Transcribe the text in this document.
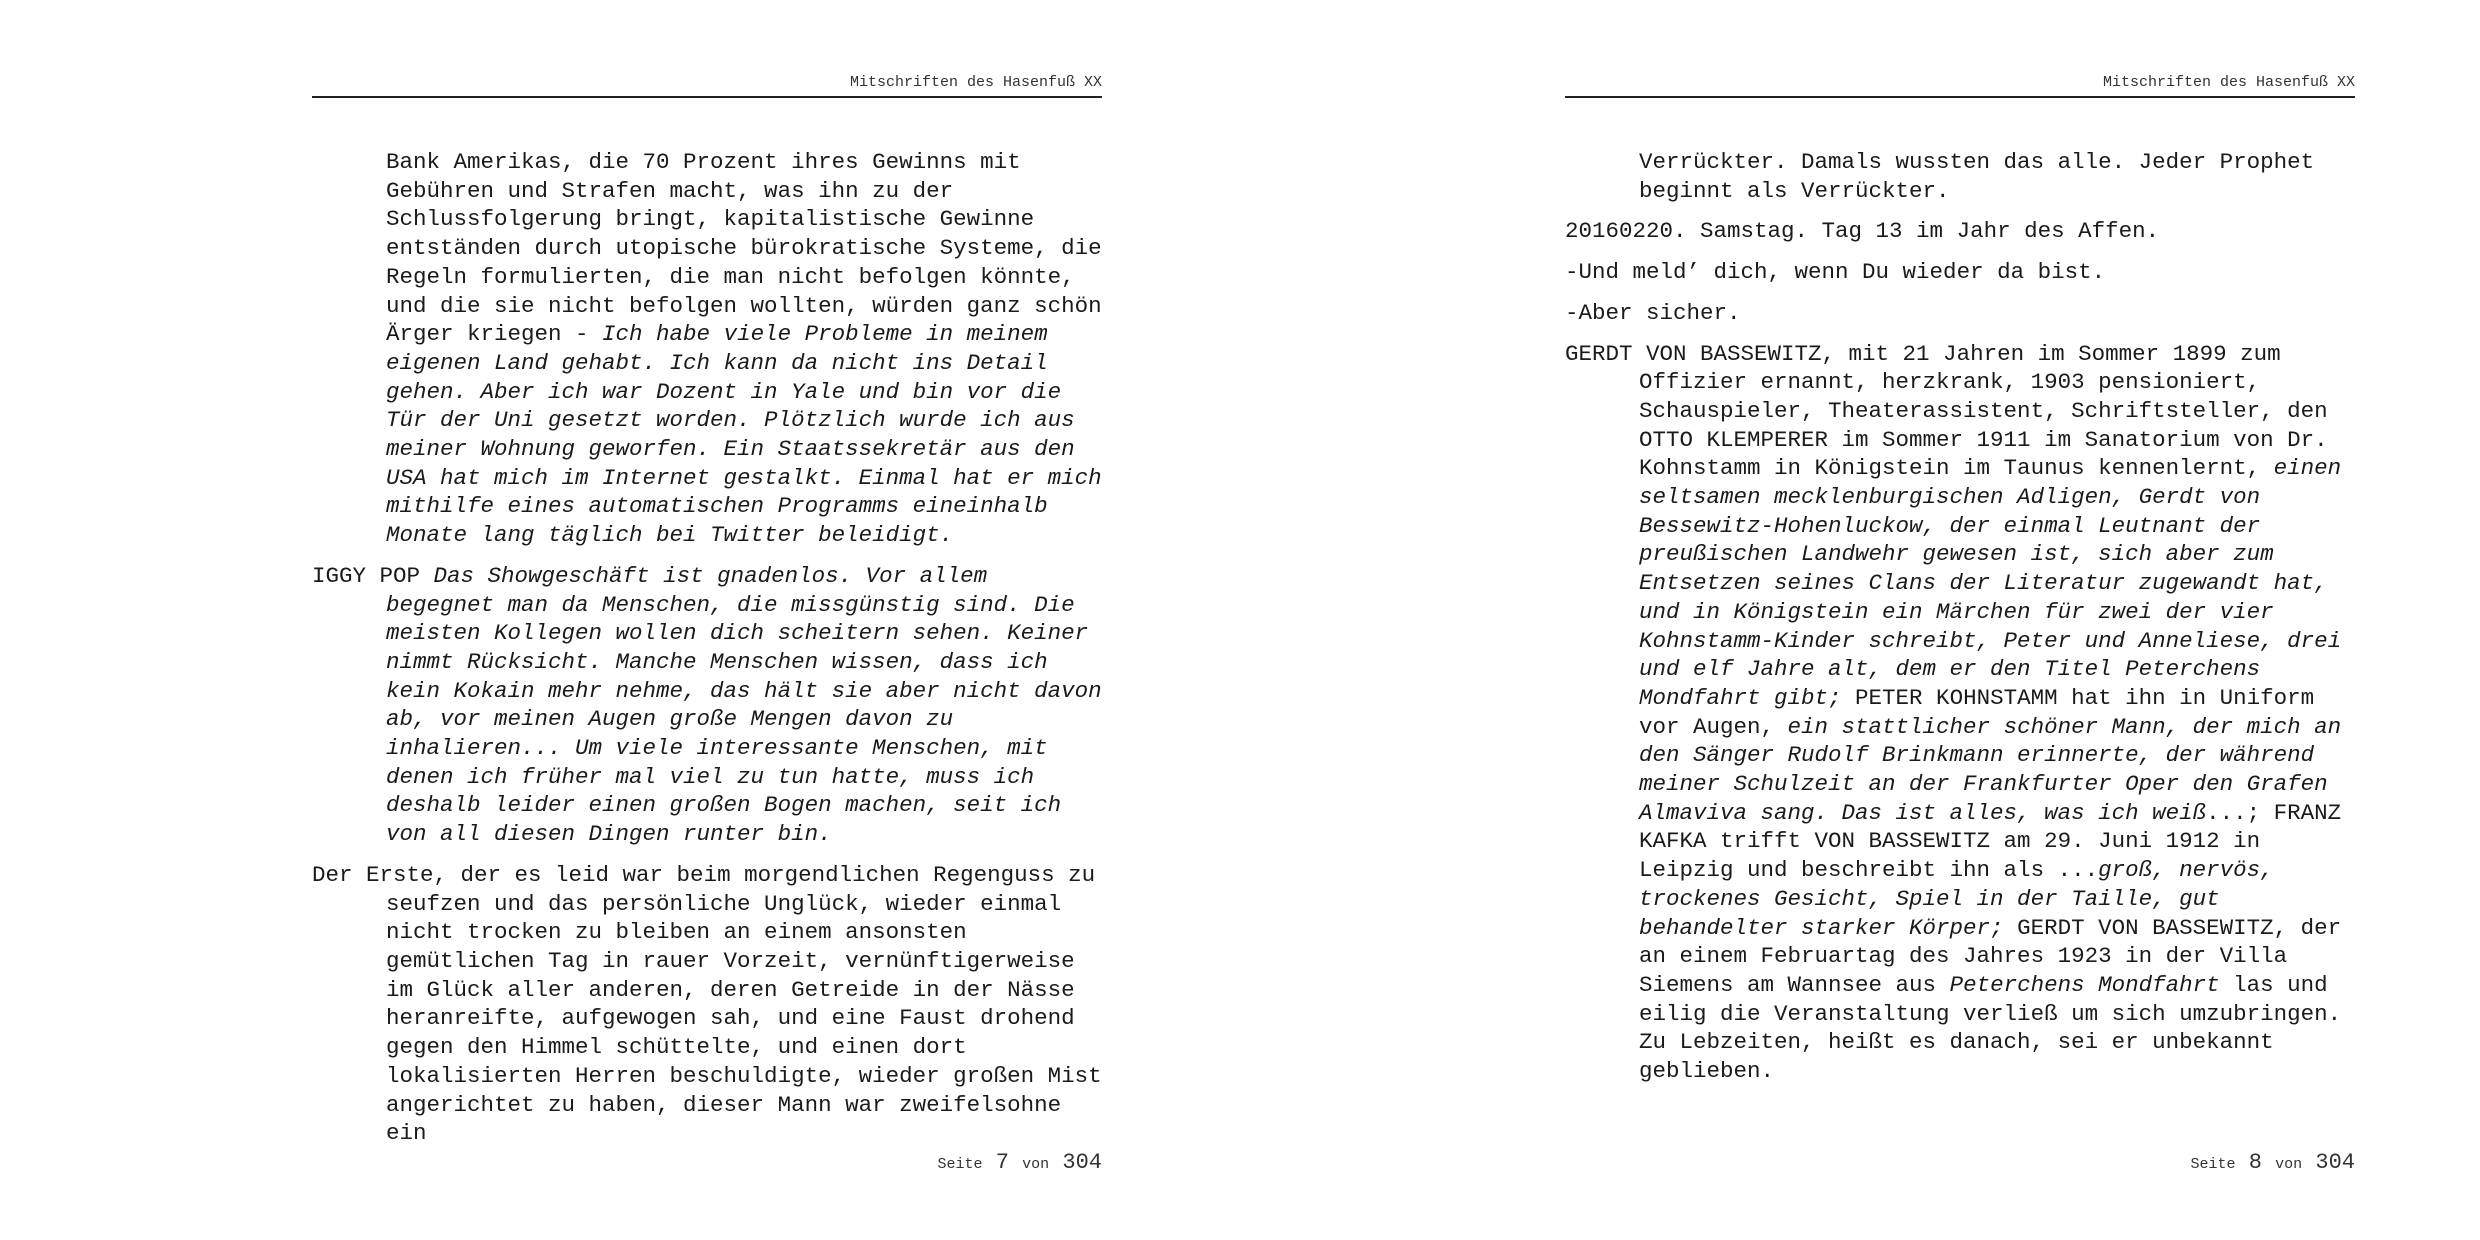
Mitschriften des Hasenfuß XX

Bank Amerikas, die 70 Prozent ihres Gewinns mit Gebühren und Strafen macht, was ihn zu der Schlussfolgerung bringt, kapitalistische Gewinne entständen durch utopische bürokratische Systeme, die Regeln formulierten, die man nicht befolgen könnte, und die sie nicht befolgen wollten, würden ganz schön Ärger kriegen - Ich habe viele Probleme in meinem eigenen Land gehabt. Ich kann da nicht ins Detail gehen. Aber ich war Dozent in Yale und bin vor die Tür der Uni gesetzt worden. Plötzlich wurde ich aus meiner Wohnung geworfen. Ein Staatssekretär aus den USA hat mich im Internet gestalkt. Einmal hat er mich mithilfe eines automatischen Programms eineinhalb Monate lang täglich bei Twitter beleidigt.

IGGY POP Das Showgeschäft ist gnadenlos. Vor allem begegnet man da Menschen, die missgünstig sind. Die meisten Kollegen wollen dich scheitern sehen. Keiner nimmt Rücksicht. Manche Menschen wissen, dass ich kein Kokain mehr nehme, das hält sie aber nicht davon ab, vor meinen Augen große Mengen davon zu inhalieren... Um viele interessante Menschen, mit denen ich früher mal viel zu tun hatte, muss ich deshalb leider einen großen Bogen machen, seit ich von all diesen Dingen runter bin.

Der Erste, der es leid war beim morgendlichen Regenguss zu seufzen und das persönliche Unglück, wieder einmal nicht trocken zu bleiben an einem ansonsten gemütlichen Tag in rauer Vorzeit, vernünftigerweise im Glück aller anderen, deren Getreide in der Nässe heranreifte, aufgewogen sah, und eine Faust drohend gegen den Himmel schüttelte, und einen dort lokalisierten Herren beschuldigte, wieder großen Mist angerichtet zu haben, dieser Mann war zweifelsohne ein

Seite 7 von 304
Mitschriften des Hasenfuß XX

Verrückter. Damals wussten das alle. Jeder Prophet beginnt als Verrückter.

20160220. Samstag. Tag 13 im Jahr des Affen.

-Und meld’ dich, wenn Du wieder da bist.

-Aber sicher.

GERDT VON BASSEWITZ, mit 21 Jahren im Sommer 1899 zum Offizier ernannt, herzkrank, 1903 pensioniert, Schauspieler, Theaterassistent, Schriftsteller, den OTTO KLEMPERER im Sommer 1911 im Sanatorium von Dr. Kohnstamm in Königstein im Taunus kennenlernt, einen seltsamen mecklenburgischen Adligen, Gerdt von Bessewitz-Hohenluckow, der einmal Leutnant der preußischen Landwehr gewesen ist, sich aber zum Entsetzen seines Clans der Literatur zugewandt hat, und in Königstein ein Märchen für zwei der vier Kohnstamm-Kinder schreibt, Peter und Anneliese, drei und elf Jahre alt, dem er den Titel Peterchens Mondfahrt gibt; PETER KOHNSTAMM hat ihn in Uniform vor Augen, ein stattlicher schöner Mann, der mich an den Sänger Rudolf Brinkmann erinnerte, der während meiner Schulzeit an der Frankfurter Oper den Grafen Almaviva sang. Das ist alles, was ich weiß...; FRANZ KAFKA trifft VON BASSEWITZ am 29. Juni 1912 in Leipzig und beschreibt ihn als ...groß, nervös, trockenes Gesicht, Spiel in der Taille, gut behandelter starker Körper; GERDT VON BASSEWITZ, der an einem Februartag des Jahres 1923 in der Villa Siemens am Wannsee aus Peterchens Mondfahrt las und eilig die Veranstaltung verließ um sich umzubringen. Zu Lebzeiten, heißt es danach, sei er unbekannt geblieben.

Seite 8 von 304
